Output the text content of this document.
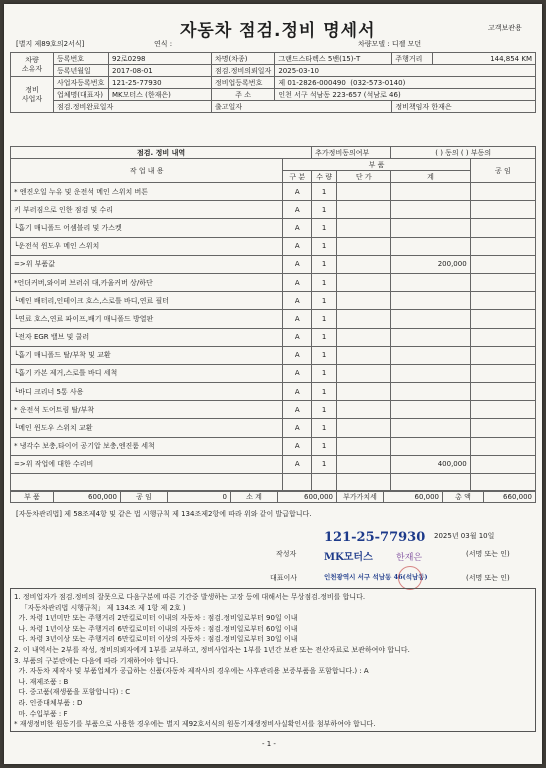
자동차 점검.정비 명세서	고객보관용
[별지 제89호의2서식]	연식 :	차량모델 : 디젤 모던
차량
소유자	등록번호	92로0298	차명(차종)	그랜드스타렉스 5밴(15)-T	주행거리	144,854 KM
	등록년월일	2017-08-01	점검.정비의뢰일자	2025-03-10		
정비
사업자	사업자등록번호	121-25-77930	정비업등록번호	제 01-2826-000490 (032-573-0140)		
	업체명(대표자)	MK모터스 (한재은)	주 소	인천 서구 석남동 223-657 (석남로 46)		
	점검.정비완료일자		출고일자		정비책임자 한재은	
점검. 정비 내역		추가정비동의여부		( ) 동의 ( ) 부동의	
작 업 내 용	부 품				공 임
	구 분	수 량	단 가	계	
* 엔진오일 누유 및 운전석 메인 스위치 버튼	A	1			
키 부러짐으로 인한 점검 및 수리	A	1			
└흡기 매니폴드 어셈블리 및 가스켓	A	1			
└운전석 윈도우 메인 스위치	A	1			
=>위 부품값	A	1		200,000	
*언더커버,와이퍼 브러쉬 대,카울커버 상/하단	A	1			
└메인 배터리,인테이크 호스,스로틀 바디,연료 필터	A	1			
└연료 호스,연료 파이프,배기 매니폴드 방열판	A	1			
└전자 EGR 밸브 및 쿨러	A	1			
└흡기 매니폴드 탈/부착 및 교환	A	1			
└흡기 카본 제거,스로틀 바디 세척	A	1			
└바디 크리너 5통 사용	A	1			
* 운전석 도어트림 탈/부착	A	1			
└메인 윈도우 스위치 교환	A	1			
* 냉각수 보충,타이어 공기압 보충,엔진룸 세척	A	1			
=>위 작업에 대한 수리비	A	1		400,000	

부 품	600,000	공 임	0	소 계	600,000	부가가치세	60,000	총 액	660,000
[자동차관리법] 제 58조제4항 및 같은 법 시행규칙 제 134조제2항에 따라 위와 같이 발급합니다.
121-25-77930 2025년 03월 10일
작성자	MK모터스	한재은	(서명 또는 인)
대표이사	인천광역시 서구 석남동 46(석남동)	(서명 또는 인)
1. 정비업자가 점검.정비의 잘못으로 다음구분에 따른 기간중 발생하는 고장 등에 대해서는 무상점검.정비를 합니다.
「자동차관리법 시행규칙」 제 134조 제 1항 제 2호 )
가. 차령 1년미만 또는 주행거리 2만킬로미터 이내의 자동차 : 점검.정비일로부터 90일 이내
나. 차령 1년이상 또는 주행거리 6만킬로미터 이내의 자동차 : 점검.정비일로부터 60일 이내
다. 차령 3년이상 또는 주행거리 6만킬로미터 이상의 자동차 : 점검.정비일로부터 30일 이내
2. 이 내역서는 2부를 작성, 정비의뢰자에게 1부를 교부하고, 정비사업자는 1부를 1년간 보관 또는 전산자료로 보관하여야 합니다.
3. 부품의 구분란에는 다음에 따라 기재하여야 합니다.
가. 자동차 제작사 및 부품업체가 공급하는 신품(자동차 제작사의 경우에는 사후관리용 보증부품을 포함합니다.) : A
나. 재제조품 : B
다. 중고품(재생품을 포함합니다) : C
라. 인증대체부품 : D
마. 수입부품 : F
* 재생정비한 원동기를 부품으로 사용한 경우에는 별지 제92호서식의 원동기재생정비사실확인서를 첨부하여야 합니다.
- 1 -
